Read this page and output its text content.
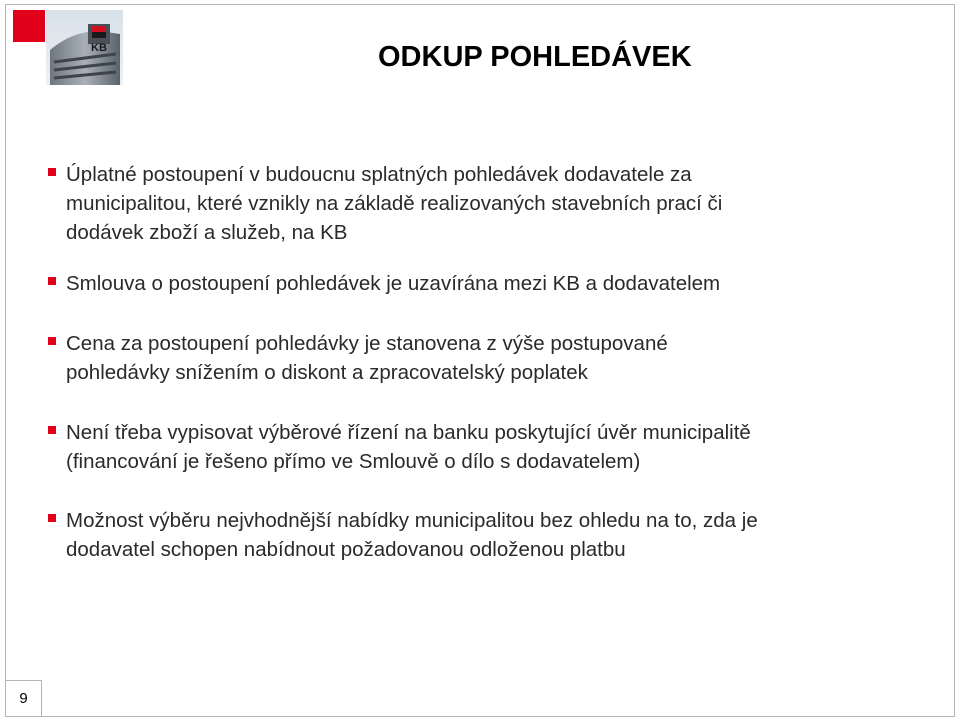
KB	ODKUP POHLEDÁVEK
Úplatné postoupení v budoucnu splatných pohledávek dodavatele za
municipalitou, které vznikly na základě realizovaných stavebních prací či
dodávek zboží a služeb, na KB
Smlouva o postoupení pohledávek je uzavírána mezi KB a dodavatelem
Cena za postoupení pohledávky je stanovena z výše postupované
pohledávky snížením o diskont a zpracovatelský poplatek
Není třeba vypisovat výběrové řízení na banku poskytující úvěr municipalitě
(financování je řešeno přímo ve Smlouvě o dílo s dodavatelem)
Možnost výběru nejvhodnější nabídky municipalitou bez ohledu na to, zda je
dodavatel schopen nabídnout požadovanou odloženou platbu
9
